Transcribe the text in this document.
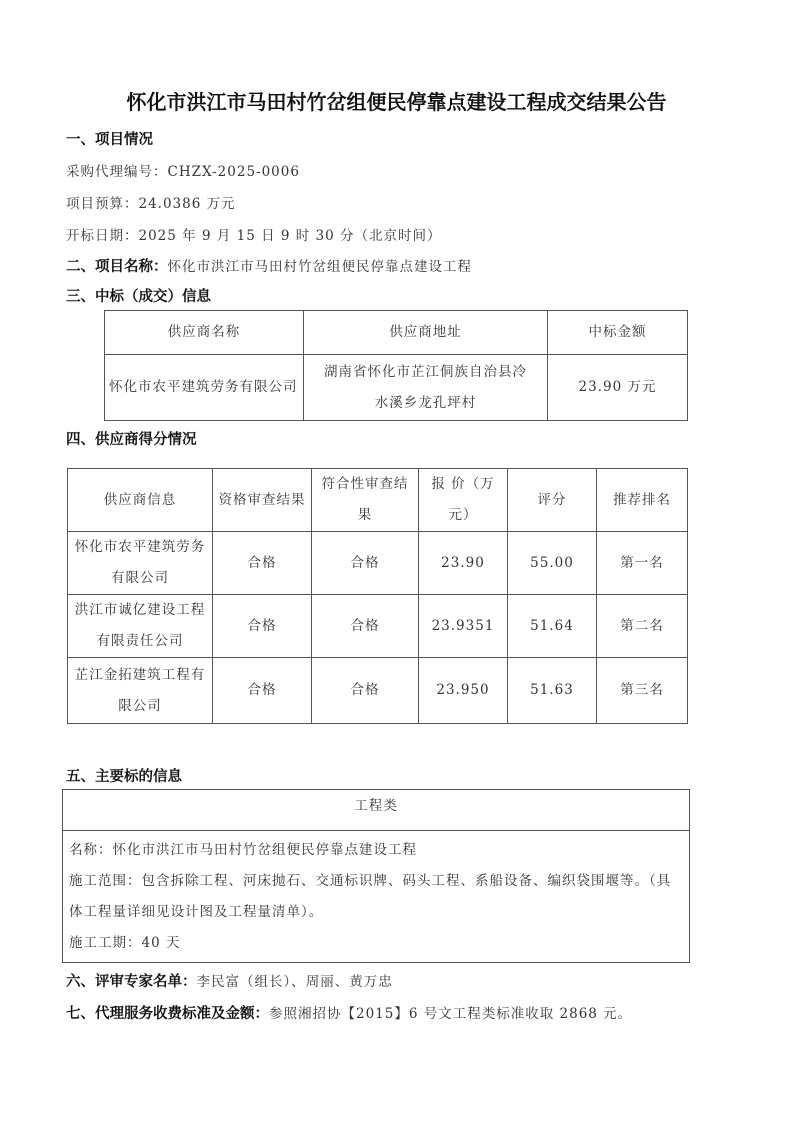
怀化市洪江市马田村竹岔组便民停靠点建设工程成交结果公告
一、项目情况
采购代理编号：CHZX-2025-0006
项目预算：24.0386 万元
开标日期：2025 年 9 月 15 日 9 时 30 分（北京时间）
二、项目名称：怀化市洪江市马田村竹岔组便民停靠点建设工程
三、中标（成交）信息
供应商名称	供应商地址	中标金额
怀化市农平建筑劳务有限公司	湖南省怀化市芷江侗族自治县冷水溪乡龙孔坪村	23.90 万元
四、供应商得分情况
供应商信息	资格审查结果	符合性审查结果	报 价（万元）	评分	推荐排名
怀化市农平建筑劳务有限公司	合格	合格	23.90	55.00	第一名
洪江市诚亿建设工程有限责任公司	合格	合格	23.9351	51.64	第二名
芷江金拓建筑工程有限公司	合格	合格	23.950	51.63	第三名
五、主要标的信息
工程类
名称：怀化市洪江市马田村竹岔组便民停靠点建设工程
施工范围：包含拆除工程、河床抛石、交通标识牌、码头工程、系船设备、编织袋围堰等。（具体工程量详细见设计图及工程量清单）。
施工工期：40 天
六、评审专家名单：李民富（组长）、周丽、黄万忠
七、代理服务收费标准及金额：参照湘招协【2015】6 号文工程类标准收取 2868 元。
